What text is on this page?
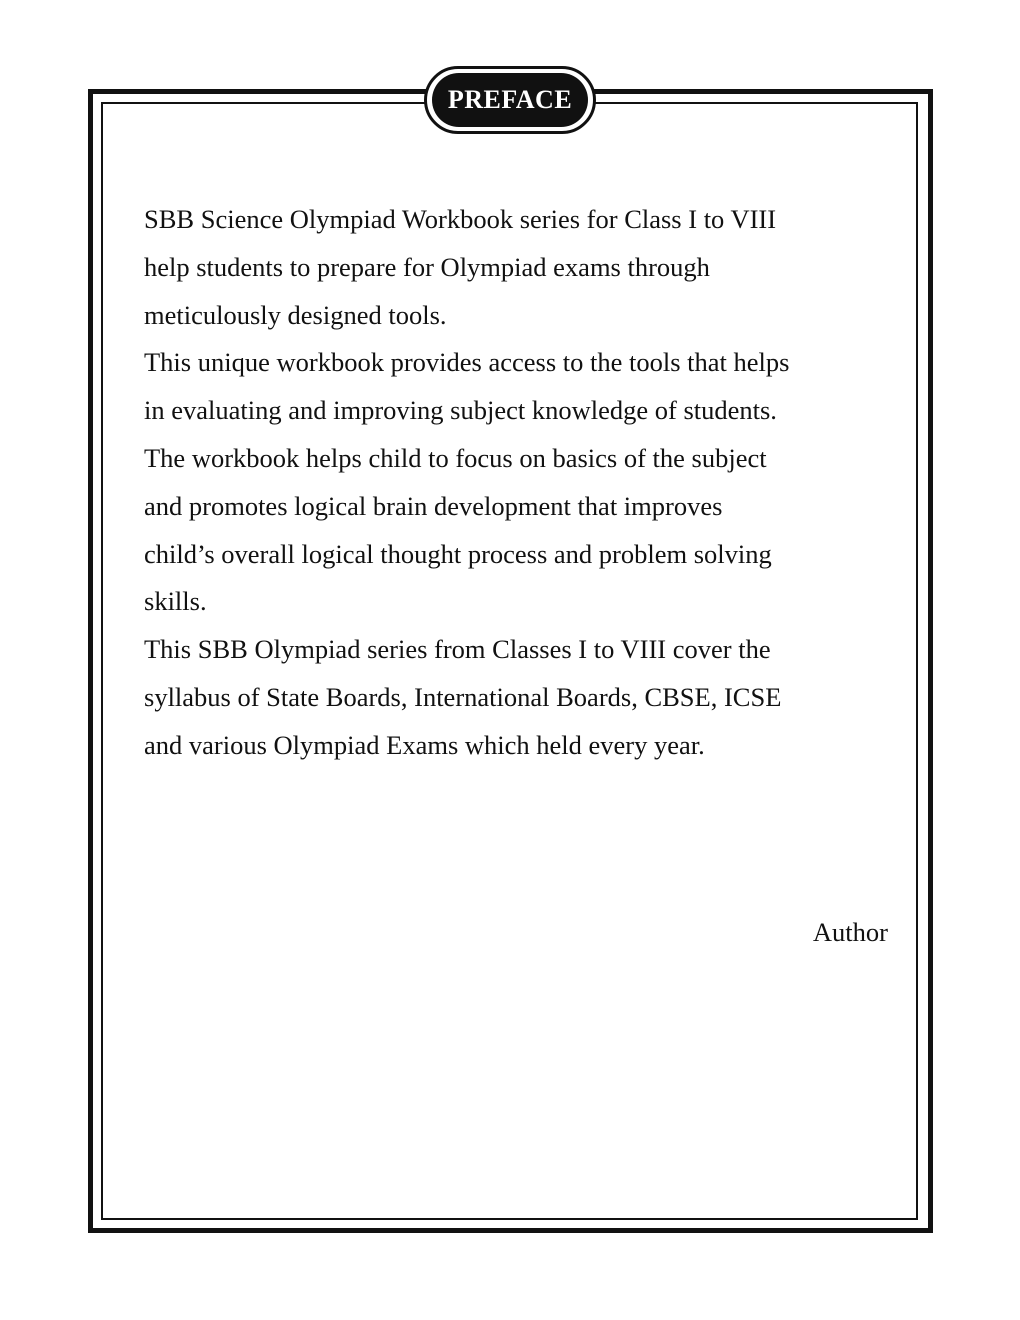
PREFACE

SBB Science Olympiad Workbook series for Class I to VIII
help students to prepare for Olympiad exams through
meticulously designed tools.

This unique workbook provides access to the tools that helps
in evaluating and improving subject knowledge of students.
The workbook helps child to focus on basics of the subject
and promotes logical brain development that improves
child’s overall logical thought process and problem solving
skills.

This SBB Olympiad series from Classes I to VIII cover the
syllabus of State Boards, International Boards, CBSE, ICSE
and various Olympiad Exams which held every year.

Author
